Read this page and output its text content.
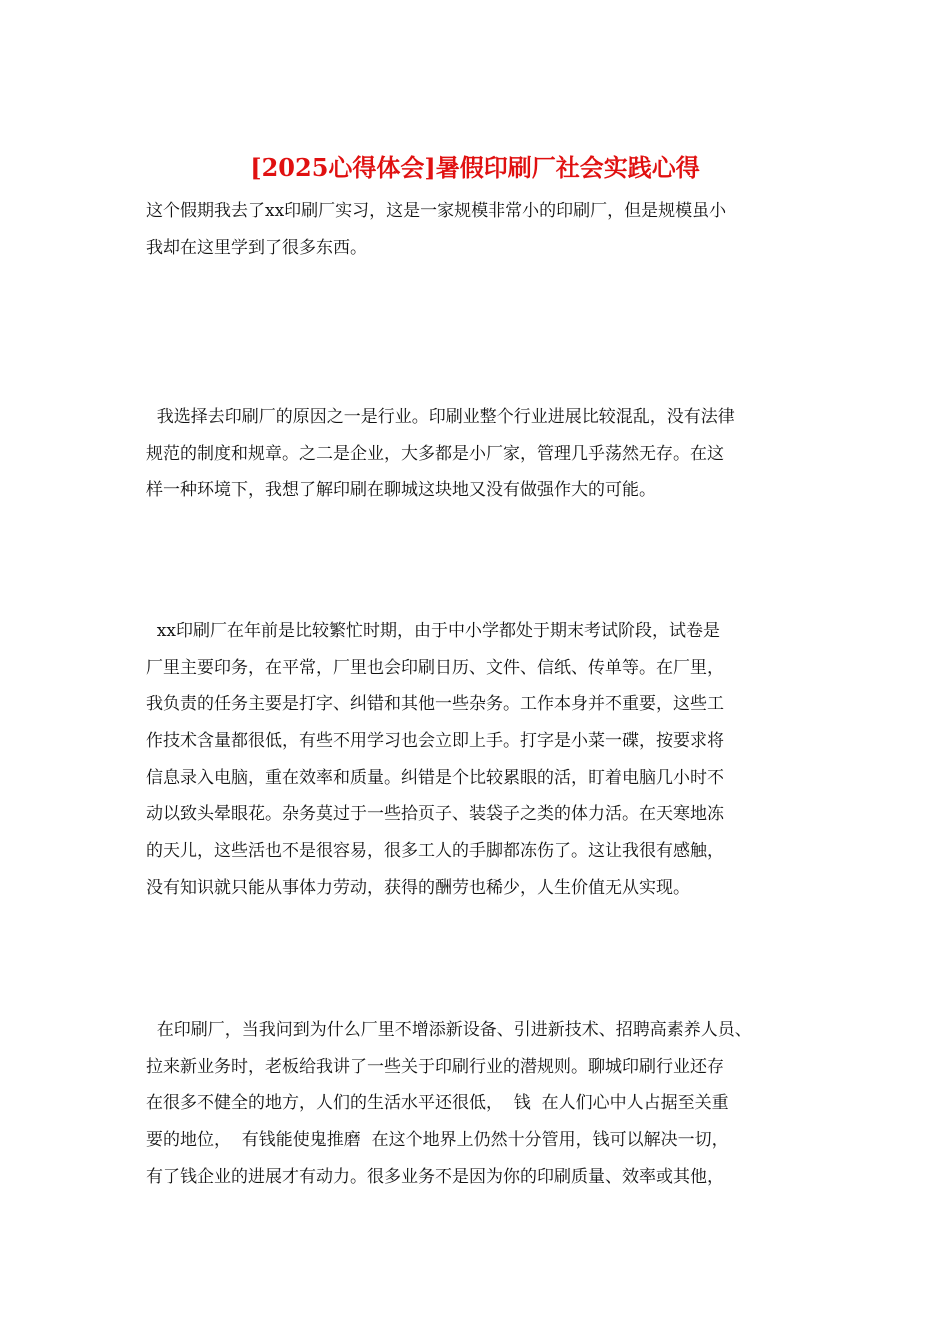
[2025心得体会]暑假印刷厂社会实践心得
这个假期我去了xx印刷厂实习，这是一家规模非常小的印刷厂，但是规模虽小
我却在这里学到了很多东西。
我选择去印刷厂的原因之一是行业。印刷业整个行业进展比较混乱，没有法律
规范的制度和规章。之二是企业，大多都是小厂家，管理几乎荡然无存。在这
样一种环境下，我想了解印刷在聊城这块地又没有做强作大的可能。
xx印刷厂在年前是比较繁忙时期，由于中小学都处于期末考试阶段，试卷是
厂里主要印务，在平常，厂里也会印刷日历、文件、信纸、传单等。在厂里，
我负责的任务主要是打字、纠错和其他一些杂务。工作本身并不重要，这些工
作技术含量都很低，有些不用学习也会立即上手。打字是小菜一碟，按要求将
信息录入电脑，重在效率和质量。纠错是个比较累眼的活，盯着电脑几小时不
动以致头晕眼花。杂务莫过于一些拾页子、装袋子之类的体力活。在天寒地冻
的天儿，这些活也不是很容易，很多工人的手脚都冻伤了。这让我很有感触，
没有知识就只能从事体力劳动，获得的酬劳也稀少，人生价值无从实现。
在印刷厂，当我问到为什么厂里不增添新设备、引进新技术、招聘高素养人员、
拉来新业务时，老板给我讲了一些关于印刷行业的潜规则。聊城印刷行业还存
在很多不健全的地方，人们的生活水平还很低，  钱  在人们心中人占据至关重
要的地位，  有钱能使鬼推磨  在这个地界上仍然十分管用，钱可以解决一切，
有了钱企业的进展才有动力。很多业务不是因为你的印刷质量、效率或其他，
